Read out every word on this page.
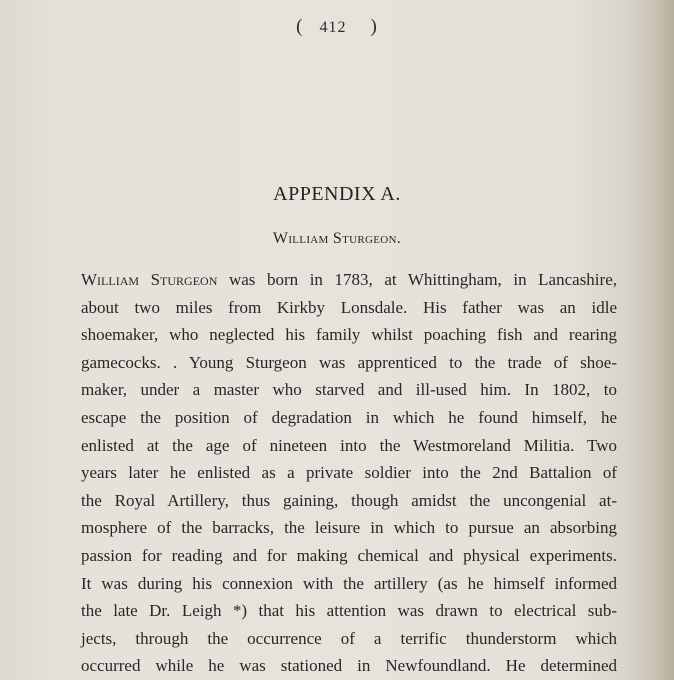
( 412 )
APPENDIX A.
William Sturgeon.
William Sturgeon was born in 1783, at Whittingham, in Lancashire,
about two miles from Kirkby Lonsdale. His father was an idle
shoemaker, who neglected his family whilst poaching fish and rearing
gamecocks. . Young Sturgeon was apprenticed to the trade of shoe-
maker, under a master who starved and ill-used him. In 1802, to
escape the position of degradation in which he found himself, he
enlisted at the age of nineteen into the Westmoreland Militia. Two
years later he enlisted as a private soldier into the 2nd Battalion of
the Royal Artillery, thus gaining, though amidst the uncongenial at-
mosphere of the barracks, the leisure in which to pursue an absorbing
passion for reading and for making chemical and physical experiments.
It was during his connexion with the artillery (as he himself informed
the late Dr. Leigh *) that his attention was drawn to electrical sub-
jects, through the occurrence of a terrific thunderstorm which
occurred while he was stationed in Newfoundland. He determined
